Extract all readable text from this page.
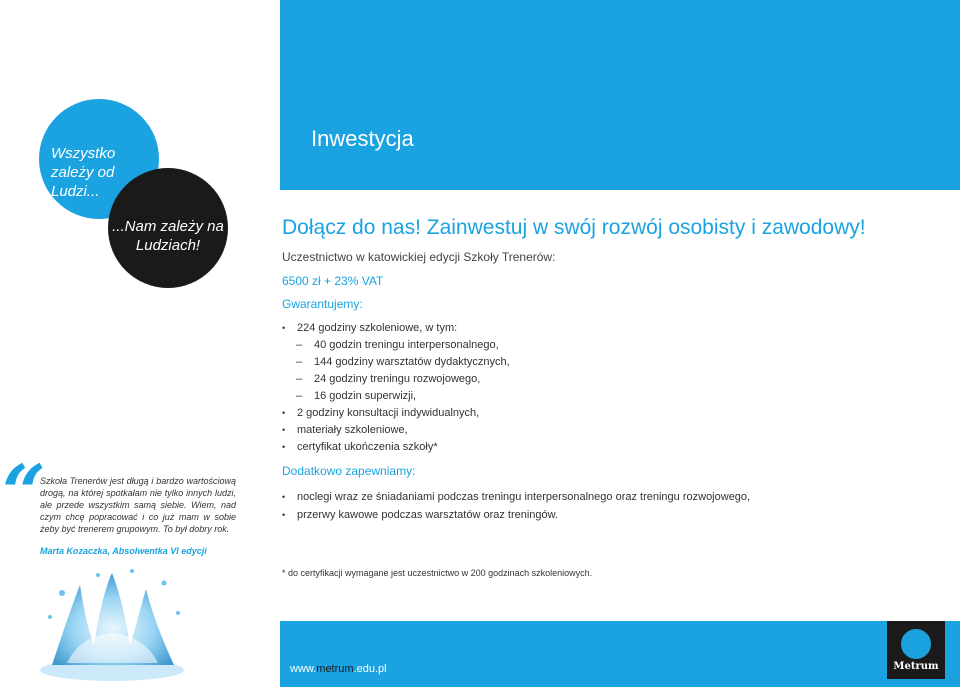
Inwestycja
Wszystko zależy od Ludzi...
...Nam zależy na Ludziach!
Dołącz do nas! Zainwestuj w swój rozwój osobisty i zawodowy!

Uczestnictwo w katowickiej edycji Szkoły Trenerów:

6500 zł + 23% VAT

Gwarantujemy:

• 224 godziny szkoleniowe, w tym:
– 40 godzin treningu interpersonalnego,
– 144 godziny warsztatów dydaktycznych,
– 24 godziny treningu rozwojowego,
– 16 godzin superwizji,
• 2 godziny konsultacji indywidualnych,
• materiały szkoleniowe,
• certyfikat ukończenia szkoły*

Dodatkowo zapewniamy:

• noclegi wraz ze śniadaniami podczas treningu interpersonalnego oraz treningu rozwojowego,
• przerwy kawowe podczas warsztatów oraz treningów.

* do certyfikacji wymagane jest uczestnictwo w 200 godzinach szkoleniowych.

“

Szkoła Trenerów jest długą i bardzo wartościową drogą, na której spotkałam nie tylko innych ludzi, ale przede wszystkim samą siebie. Wiem, nad czym chcę popracować i co już mam w sobie żeby być trenerem grupowym. To był dobry rok.

Marta Kozaczka, Absolwentka VI edycji

www.metrum.edu.pl	Metrum
